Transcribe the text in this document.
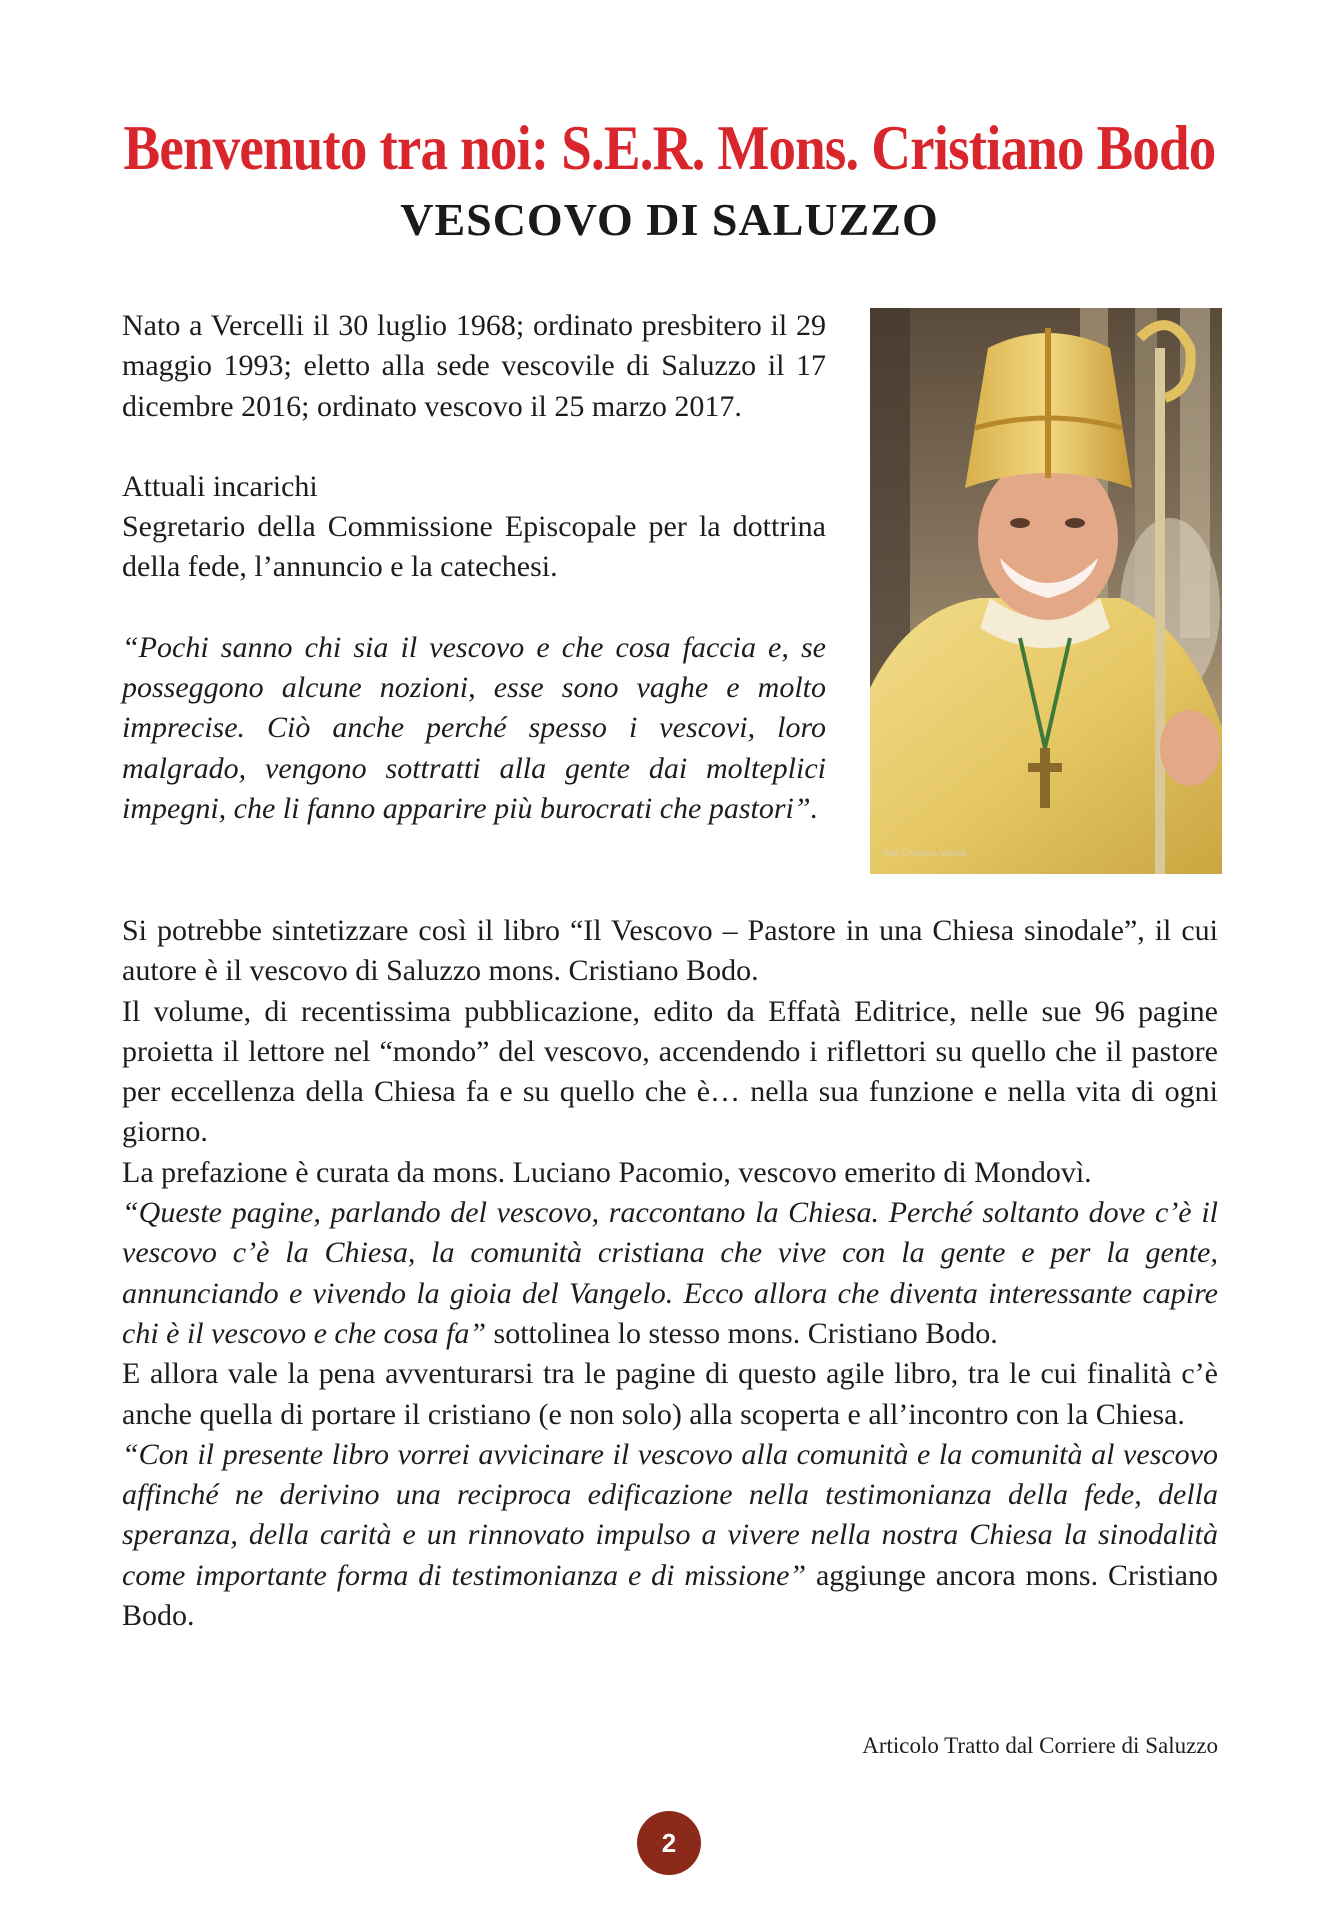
Benvenuto tra noi: S.E.R. Mons. Cristiano Bodo
VESCOVO DI SALUZZO

Nato a Vercelli il 30 luglio 1968; ordinato presbitero il 29 maggio 1993; eletto alla sede vescovile di Saluzzo il 17 dicembre 2016; ordinato vescovo il 25 marzo 2017.

Attuali incarichi

Segretario della Commissione Episcopale per la dottrina della fede, l’annuncio e la catechesi.

“Pochi sanno chi sia il vescovo e che cosa faccia e, se posseggono alcune nozioni, esse sono vaghe e molto imprecise. Ciò anche perché spesso i vescovi, loro malgrado, vengono sottratti alla gente dai molteplici impegni, che li fanno apparire più burocrati che pastori”.

foto Cristiano Vassia

Si potrebbe sintetizzare così il libro “Il Vescovo – Pastore in una Chiesa sinodale”, il cui autore è il vescovo di Saluzzo mons. Cristiano Bodo.

Il volume, di recentissima pubblicazione, edito da Effatà Editrice, nelle sue 96 pagine proietta il lettore nel “mondo” del vescovo, accendendo i riflettori su quello che il pastore per eccellenza della Chiesa fa e su quello che è… nella sua funzione e nella vita di ogni giorno.

La prefazione è curata da mons. Luciano Pacomio, vescovo emerito di Mondovì.

“Queste pagine, parlando del vescovo, raccontano la Chiesa. Perché soltanto dove c’è il vescovo c’è la Chiesa, la comunità cristiana che vive con la gente e per la gente, annunciando e vivendo la gioia del Vangelo. Ecco allora che diventa interessante capire chi è il vescovo e che cosa fa” sottolinea lo stesso mons. Cristiano Bodo.

E allora vale la pena avventurarsi tra le pagine di questo agile libro, tra le cui finalità c’è anche quella di portare il cristiano (e non solo) alla scoperta e all’incontro con la Chiesa.

“Con il presente libro vorrei avvicinare il vescovo alla comunità e la comunità al vescovo affinché ne derivino una reciproca edificazione nella testimonianza della fede, della speranza, della carità e un rinnovato impulso a vivere nella nostra Chiesa la sinodalità come importante forma di testimonianza e di missione” aggiunge ancora mons. Cristiano Bodo.

Articolo Tratto dal Corriere di Saluzzo
2
